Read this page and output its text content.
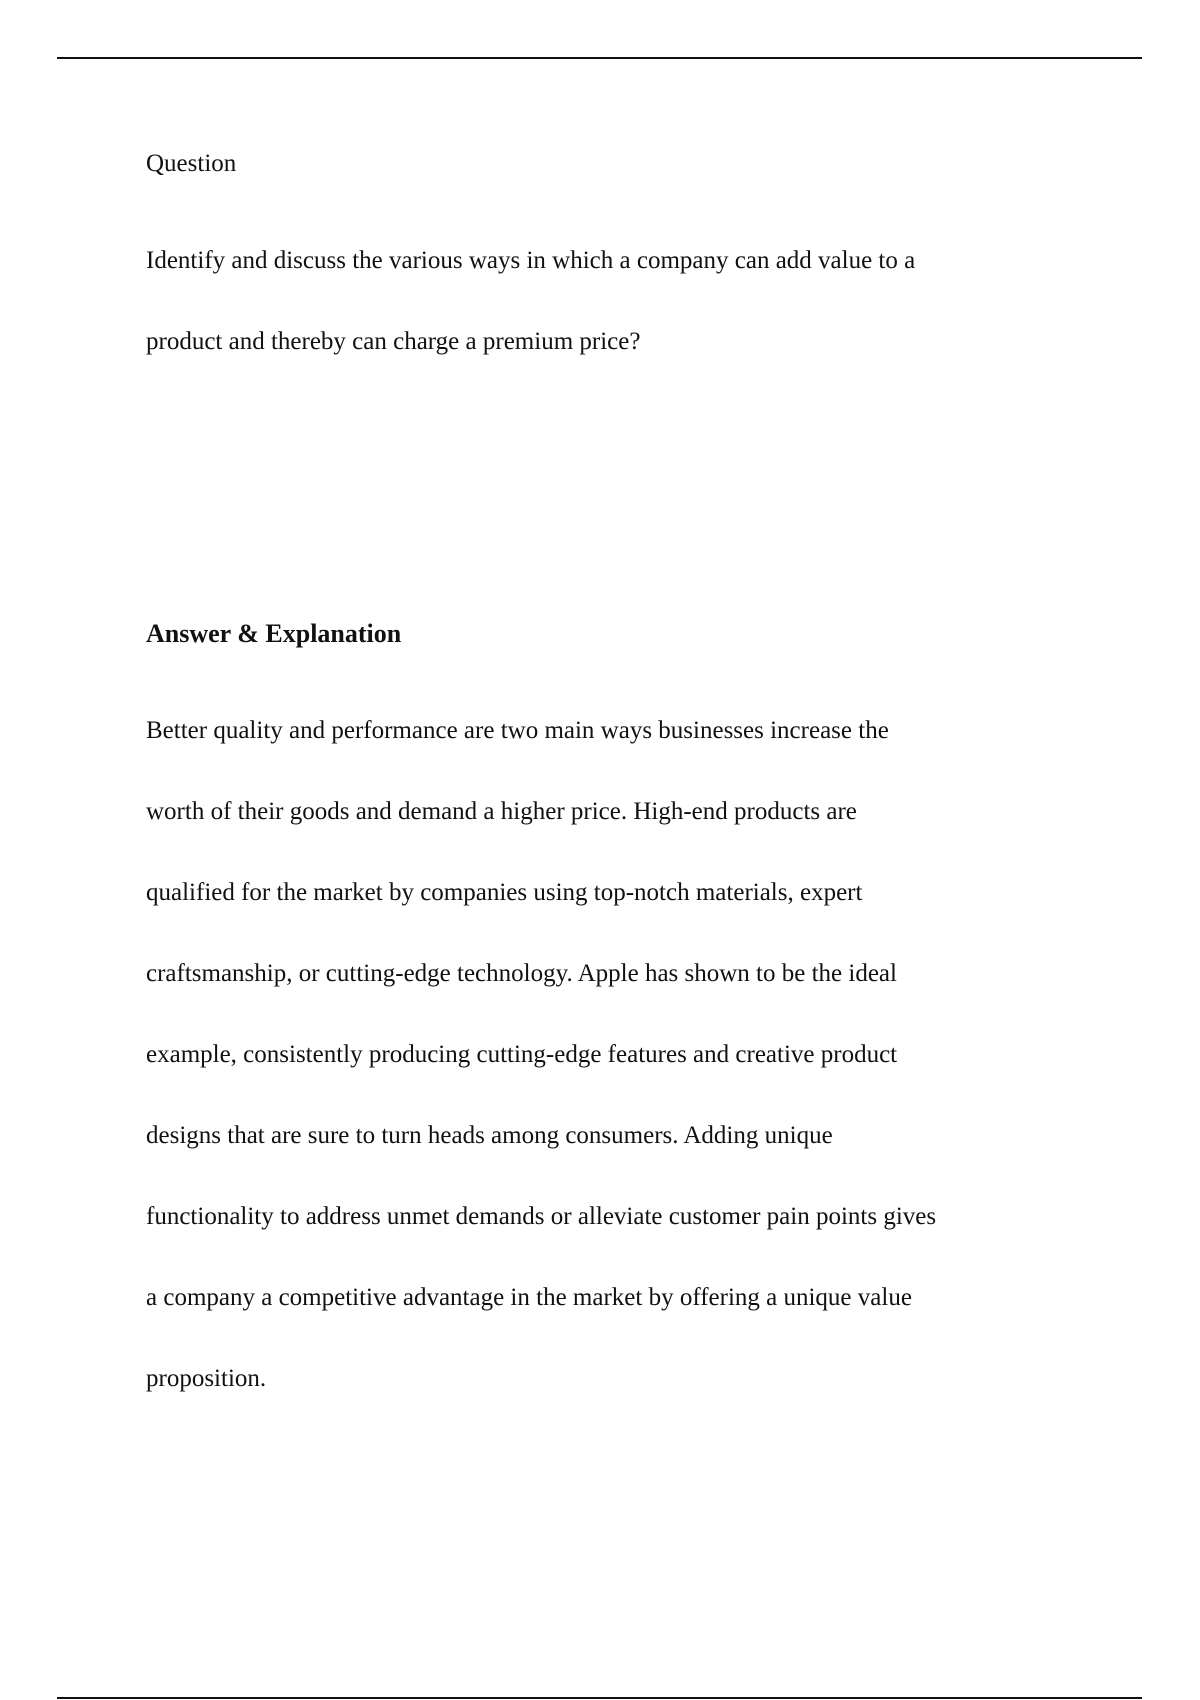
Question
Identify and discuss the various ways in which a company can add value to a
product and thereby can charge a premium price?
Answer & Explanation
Better quality and performance are two main ways businesses increase the
worth of their goods and demand a higher price. High-end products are
qualified for the market by companies using top-notch materials, expert
craftsmanship, or cutting-edge technology. Apple has shown to be the ideal
example, consistently producing cutting-edge features and creative product
designs that are sure to turn heads among consumers. Adding unique
functionality to address unmet demands or alleviate customer pain points gives
a company a competitive advantage in the market by offering a unique value
proposition.
